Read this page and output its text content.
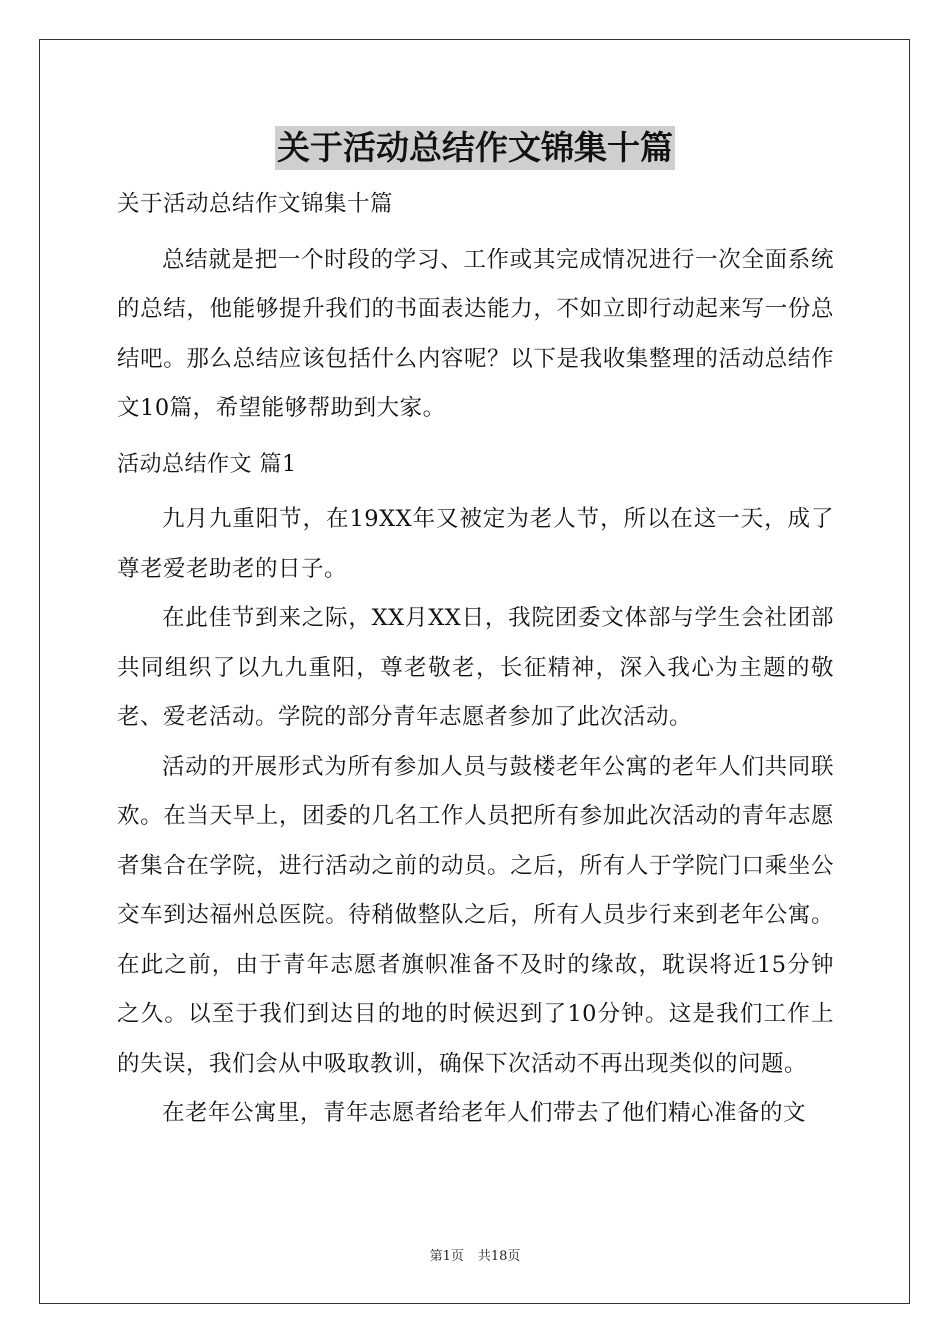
关于活动总结作文锦集十篇

关于活动总结作文锦集十篇

总结就是把一个时段的学习、工作或其完成情况进行一次全面系统的总结，他能够提升我们的书面表达能力，不如立即行动起来写一份总结吧。那么总结应该包括什么内容呢？以下是我收集整理的活动总结作文10篇，希望能够帮助到大家。

活动总结作文 篇1

九月九重阳节，在19XX年又被定为老人节，所以在这一天，成了尊老爱老助老的日子。

在此佳节到来之际，XX月XX日，我院团委文体部与学生会社团部共同组织了以九九重阳，尊老敬老，长征精神，深入我心为主题的敬老、爱老活动。学院的部分青年志愿者参加了此次活动。

活动的开展形式为所有参加人员与鼓楼老年公寓的老年人们共同联欢。在当天早上，团委的几名工作人员把所有参加此次活动的青年志愿者集合在学院，进行活动之前的动员。之后，所有人于学院门口乘坐公交车到达福州总医院。待稍做整队之后，所有人员步行来到老年公寓。在此之前，由于青年志愿者旗帜准备不及时的缘故，耽误将近15分钟之久。以至于我们到达目的地的时候迟到了10分钟。这是我们工作上的失误，我们会从中吸取教训，确保下次活动不再出现类似的问题。

在老年公寓里，青年志愿者给老年人们带去了他们精心准备的文

第1页 共18页
